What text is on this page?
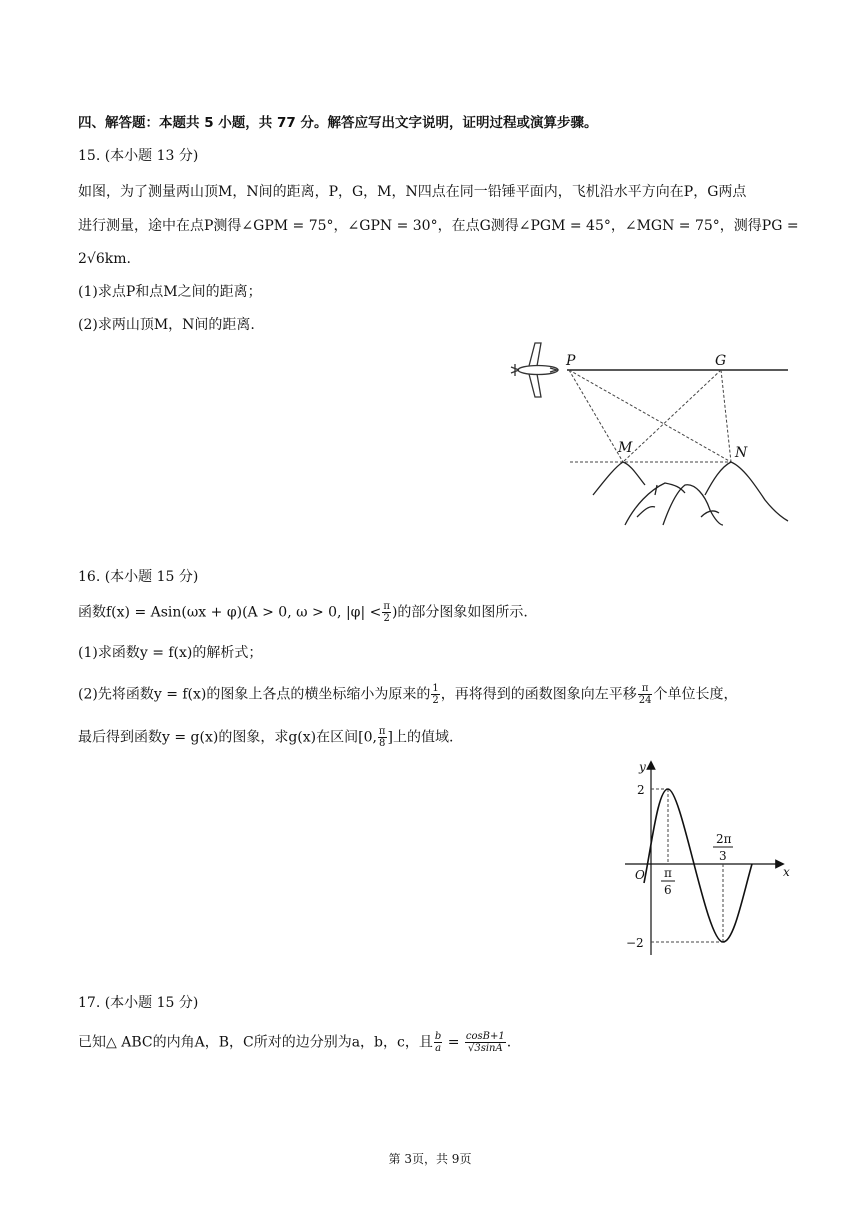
四、解答题：本题共 5 小题，共 77 分。解答应写出文字说明，证明过程或演算步骤。
15. (本小题 13 分)
如图，为了测量两山顶M，N间的距离，P，G，M，N四点在同一铅锤平面内，飞机沿水平方向在P，G两点
进行测量，途中在点P测得∠GPM = 75°，∠GPN = 30°，在点G测得∠PGM = 45°，∠MGN = 75°，测得PG =
2√6km.
(1)求点P和点M之间的距离；
(2)求两山顶M，N间的距离.
P	G
M	N
16. (本小题 15 分)
函数f(x) = Asin(ωx + φ)(A > 0, ω > 0, $|\varphi| < \frac{\pi}{2}$ )的部分图象如图所示.
(1)求函数y = f(x)的解析式；
(2)先将函数y = f(x)的图象上各点的横坐标缩小为原来的 $\frac{1}{2}$ ，再将得到的函数图象向左平移 $\frac{\pi}{24}$ 个单位长度，
最后得到函数y = g(x)的图象，求g(x)在区间[0, $\frac{\pi}{8}$ ]上的值域.
y
x
O
2
−2
π
6
2π
3
17. (本小题 15 分)
已知△ ABC的内角A，B，C所对的边分别为a，b，c，且 $\frac{b}{a} = \frac{\cos B+1}{√3\sin A}$ .
第 3页，共 9页
